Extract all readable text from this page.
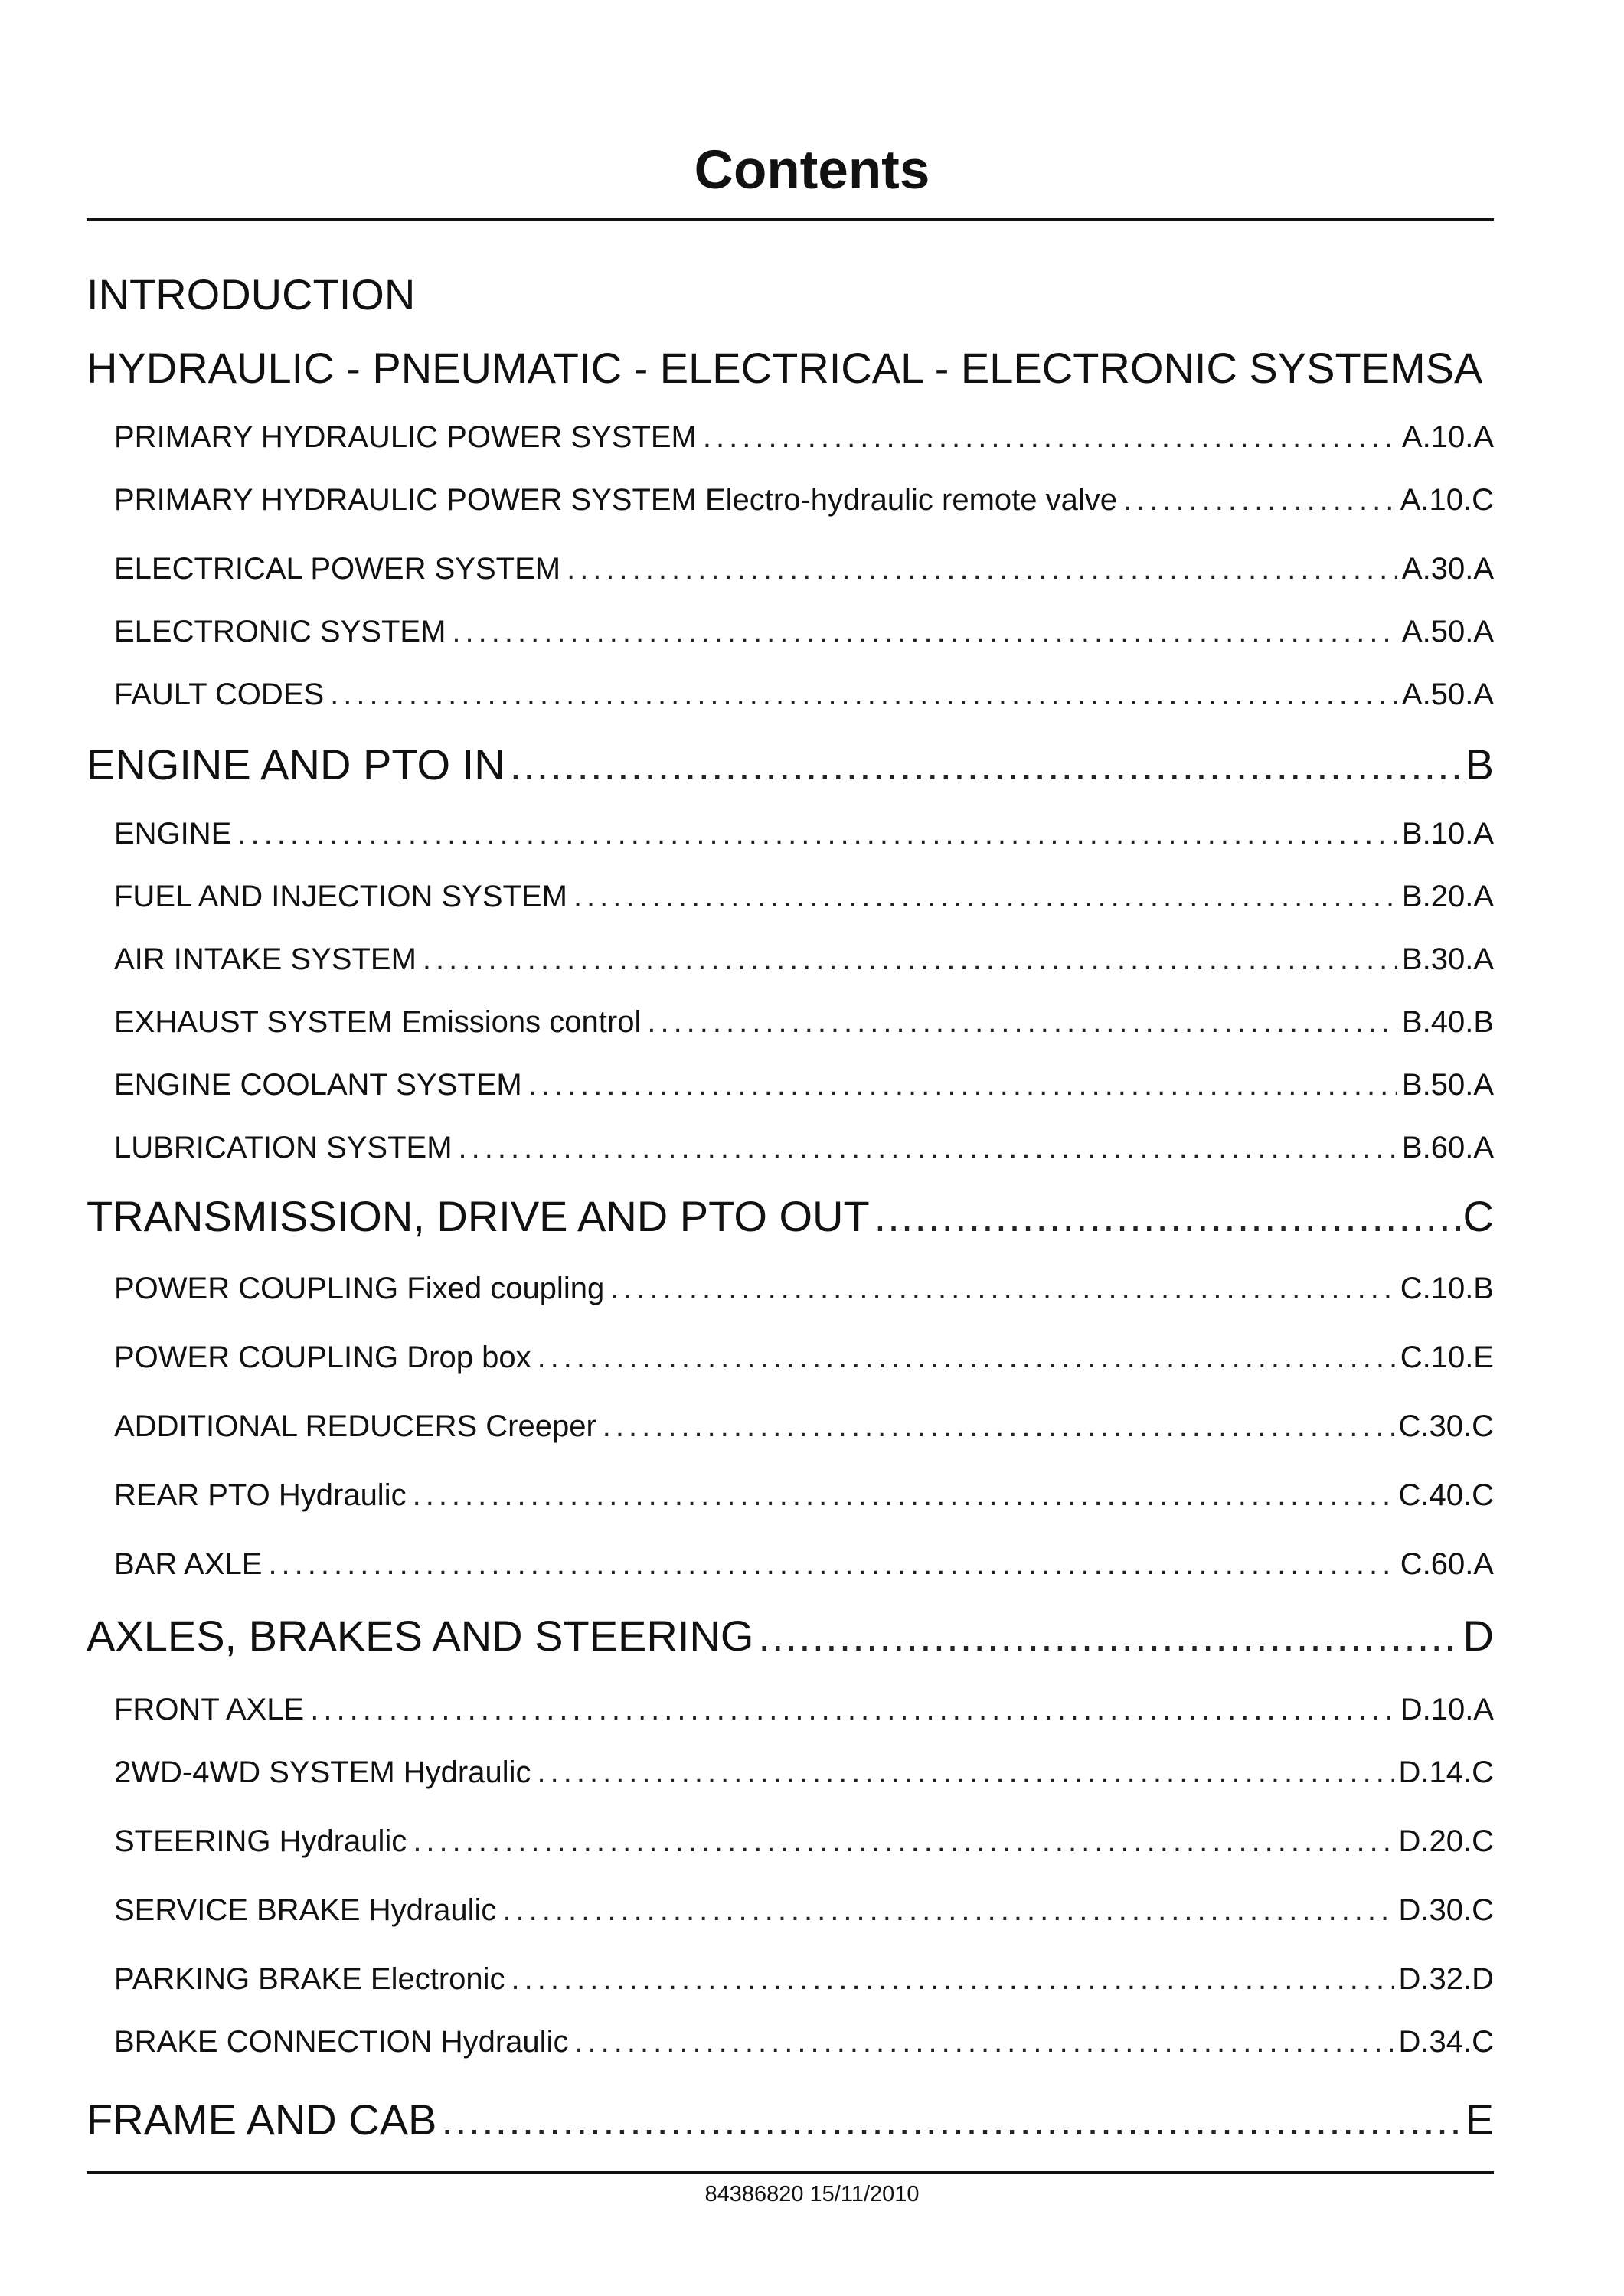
Contents
INTRODUCTION
HYDRAULIC - PNEUMATIC - ELECTRICAL - ELECTRONIC SYSTEMS A
PRIMARY HYDRAULIC POWER SYSTEM .....	A.10.A
PRIMARY HYDRAULIC POWER SYSTEM Electro-hydraulic remote valve .....	A.10.C
ELECTRICAL POWER SYSTEM .....	A.30.A
ELECTRONIC SYSTEM .....	A.50.A
FAULT CODES .....	A.50.A
ENGINE AND PTO IN .....	B
ENGINE .....	B.10.A
FUEL AND INJECTION SYSTEM .....	B.20.A
AIR INTAKE SYSTEM .....	B.30.A
EXHAUST SYSTEM Emissions control .....	B.40.B
ENGINE COOLANT SYSTEM .....	B.50.A
LUBRICATION SYSTEM .....	B.60.A
TRANSMISSION, DRIVE AND PTO OUT .....	C
POWER COUPLING Fixed coupling .....	C.10.B
POWER COUPLING Drop box .....	C.10.E
ADDITIONAL REDUCERS Creeper .....	C.30.C
REAR PTO Hydraulic .....	C.40.C
BAR AXLE .....	C.60.A
AXLES, BRAKES AND STEERING .....	D
FRONT AXLE .....	D.10.A
2WD-4WD SYSTEM Hydraulic .....	D.14.C
STEERING Hydraulic .....	D.20.C
SERVICE BRAKE Hydraulic .....	D.30.C
PARKING BRAKE Electronic .....	D.32.D
BRAKE CONNECTION Hydraulic .....	D.34.C
FRAME AND CAB .....	E
84386820 15/11/2010
